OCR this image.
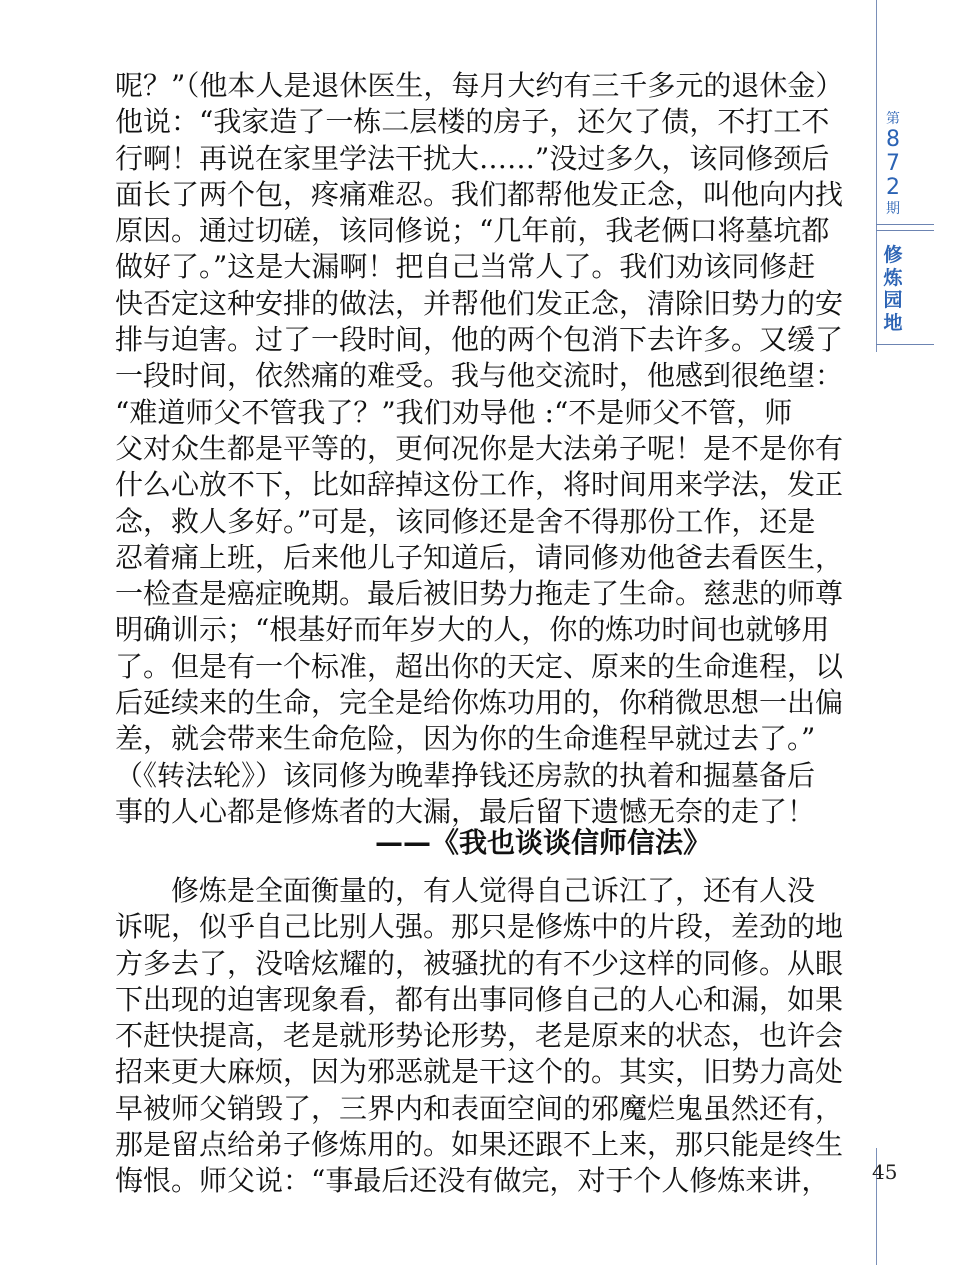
呢？”（他本人是退休医生，每月大约有三千多元的退休金）
他说：“我家造了一栋二层楼的房子，还欠了债，不打工不
行啊！再说在家里学法干扰大……”没过多久，该同修颈后
面长了两个包，疼痛难忍。我们都帮他发正念，叫他向内找
原因。通过切磋，该同修说；“几年前，我老俩口将墓坑都
做好了。”这是大漏啊！把自己当常人了。我们劝该同修赶
快否定这种安排的做法，并帮他们发正念，清除旧势力的安
排与迫害。过了一段时间，他的两个包消下去许多。又缓了
一段时间，依然痛的难受。我与他交流时，他感到很绝望：
“难道师父不管我了？”我们劝导他 :“不是师父不管，师
父对众生都是平等的，更何况你是大法弟子呢！是不是你有
什么心放不下，比如辞掉这份工作，将时间用来学法，发正
念，救人多好。”可是，该同修还是舍不得那份工作，还是
忍着痛上班，后来他儿子知道后，请同修劝他爸去看医生，
一检查是癌症晚期。最后被旧势力拖走了生命。慈悲的师尊
明确训示；“根基好而年岁大的人，你的炼功时间也就够用
了。但是有一个标准，超出你的天定、原来的生命進程，以
后延续来的生命，完全是给你炼功用的，你稍微思想一出偏
差，就会带来生命危险，因为你的生命進程早就过去了。”
（《转法轮》）该同修为晚辈挣钱还房款的执着和掘墓备后
事的人心都是修炼者的大漏，最后留下遗憾无奈的走了！

——《我也谈谈信师信法》

修炼是全面衡量的，有人觉得自己诉江了，还有人没
诉呢，似乎自己比别人强。那只是修炼中的片段，差劲的地
方多去了，没啥炫耀的，被骚扰的有不少这样的同修。从眼
下出现的迫害现象看，都有出事同修自己的人心和漏，如果
不赶快提高，老是就形势论形势，老是原来的状态，也许会
招来更大麻烦，因为邪恶就是干这个的。其实，旧势力高处
早被师父销毁了，三界内和表面空间的邪魔烂鬼虽然还有，
那是留点给弟子修炼用的。如果还跟不上来，那只能是终生
悔恨。师父说：“事最后还没有做完，对于个人修炼来讲，

第
8
7
2
期
修
炼
园
地
45
